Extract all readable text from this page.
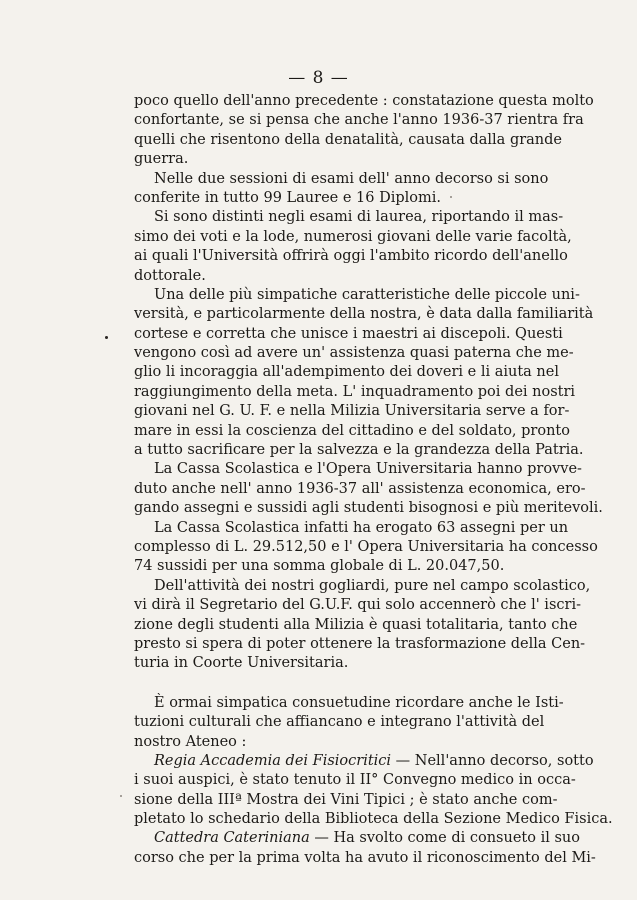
— 8 —
poco quello dell'anno precedente : constatazione questa molto
confortante, se si pensa che anche l'anno 1936-37 rientra fra
quelli che risentono della denatalità, causata dalla grande
guerra.
Nelle due sessioni di esami dell' anno decorso si sono
conferite in tutto 99 Lauree e 16 Diplomi.
Si sono distinti negli esami di laurea, riportando il mas-
simo dei voti e la lode, numerosi giovani delle varie facoltà,
ai quali l'Università offrirà oggi l'ambito ricordo dell'anello
dottorale.
Una delle più simpatiche caratteristiche delle piccole uni-
versità, e particolarmente della nostra, è data dalla familiarità
cortese e corretta che unisce i maestri ai discepoli. Questi
vengono così ad avere un' assistenza quasi paterna che me-
glio li incoraggia all'adempimento dei doveri e li aiuta nel
raggiungimento della meta. L' inquadramento poi dei nostri
giovani nel G. U. F. e nella Milizia Universitaria serve a for-
mare in essi la coscienza del cittadino e del soldato, pronto
a tutto sacrificare per la salvezza e la grandezza della Patria.
La Cassa Scolastica e l'Opera Universitaria hanno provve-
duto anche nell' anno 1936-37 all' assistenza economica, ero-
gando assegni e sussidi agli studenti bisognosi e più meritevoli.
La Cassa Scolastica infatti ha erogato 63 assegni per un
complesso di L. 29.512,50 e l' Opera Universitaria ha concesso
74 sussidi per una somma globale di L. 20.047,50.
Dell'attività dei nostri gogliardi, pure nel campo scolastico,
vi dirà il Segretario del G.U.F. qui solo accennerò che l' iscri-
zione degli studenti alla Milizia è quasi totalitaria, tanto che
presto si spera di poter ottenere la trasformazione della Cen-
turia in Coorte Universitaria.
È ormai simpatica consuetudine ricordare anche le Isti-
tuzioni culturali che affiancano e integrano l'attività del
nostro Ateneo :
Regia Accademia dei Fisiocritici — Nell'anno decorso, sotto
i suoi auspici, è stato tenuto il II° Convegno medico in occa-
sione della IIIª Mostra dei Vini Tipici ; è stato anche com-
pletato lo schedario della Biblioteca della Sezione Medico Fisica.
Cattedra Cateriniana — Ha svolto come di consueto il suo
corso che per la prima volta ha avuto il riconoscimento del Mi-
